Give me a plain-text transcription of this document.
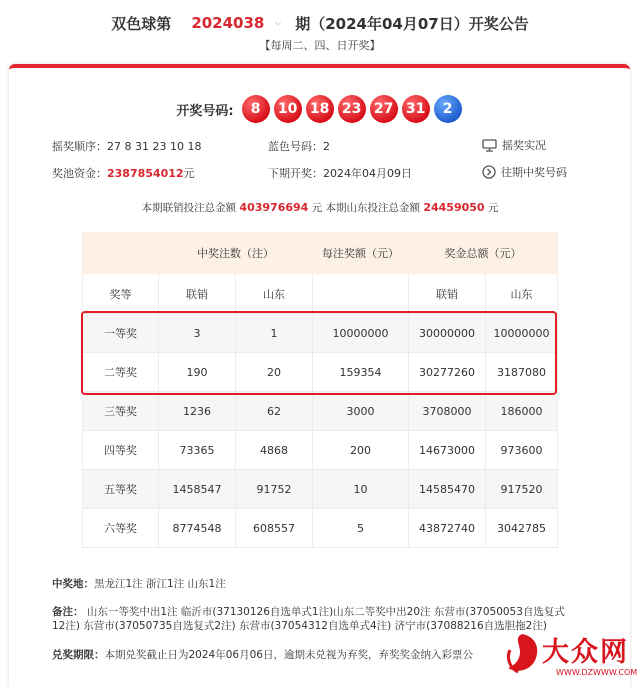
双色球第 2024038 ⌵ 期（2024年04月07日）开奖公告
【每周二、四、日开奖】
开奖号码:	8	10 18 23 27 31	2
摇奖顺序：27 8 31 23 10 18	蓝色号码：2	摇奖实况
奖池资金：2387854012元	下期开奖：2024年04月09日	往期中奖号码
本期联销投注总金额 403976694 元 本期山东投注总金额 24459050 元
	中奖注数（注）		每注奖额（元）	奖金总额（元）	
奖等	联销	山东		联销	山东
一等奖	3	1	10000000	30000000	10000000
二等奖	190	20	159354	30277260	3187080
三等奖	1236	62	3000	3708000	186000
四等奖	73365	4868	200	14673000	973600
五等奖	1458547	91752	10	14585470	917520
六等奖	8774548	608557	5	43872740	3042785
中奖地：黑龙江1注 浙江1注 山东1注
备注： 山东一等奖中出1注 临沂市(37130126自选单式1注)山东二等奖中出20注 东营市(37050053自选复式
12注) 东营市(37050735自选复式2注) 东营市(37054312自选单式4注) 济宁市(37088216自选胆拖2注)
兑奖期限：本期兑奖截止日为2024年06月06日，逾期未兑视为弃奖，弃奖奖金纳入彩票公	大众网
WWW.DZWWW.COM
